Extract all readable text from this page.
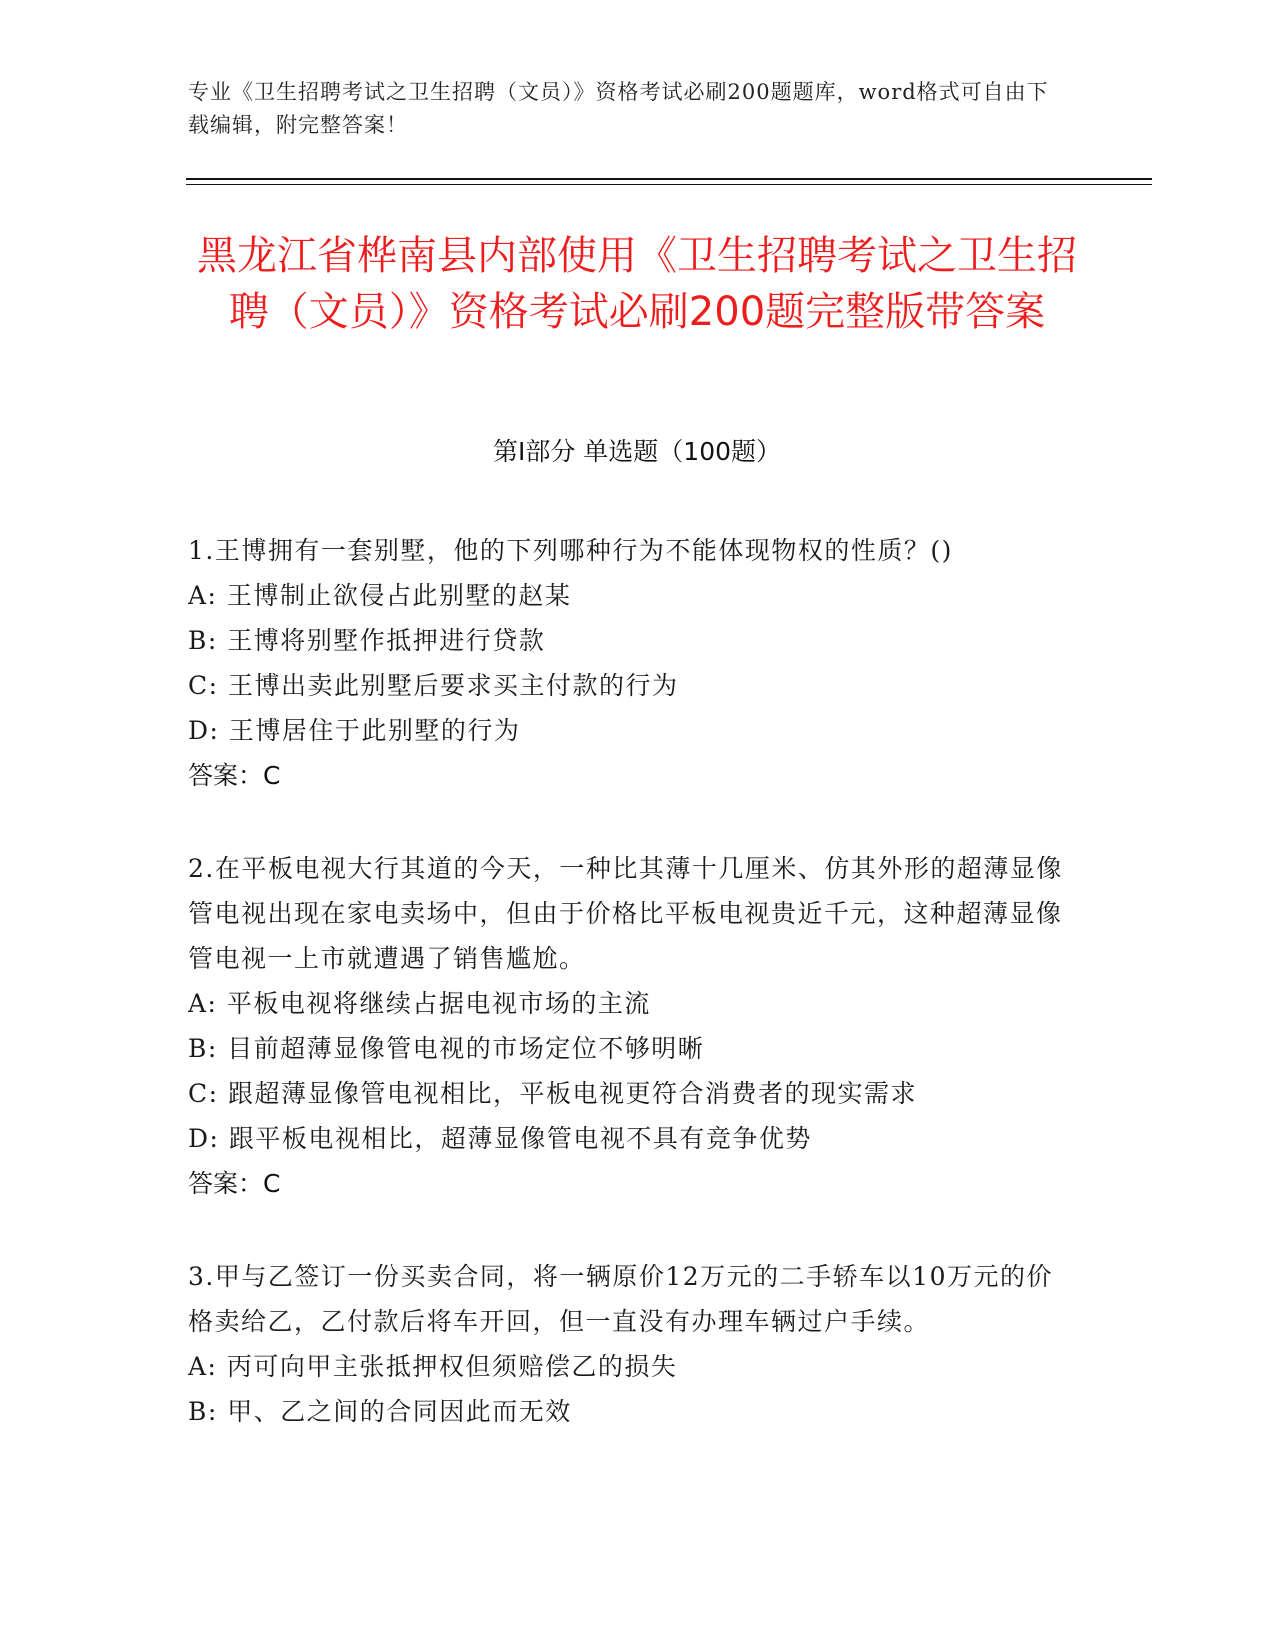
专业《卫生招聘考试之卫生招聘（文员）》资格考试必刷200题题库，word格式可自由下载编辑，附完整答案！
黑龙江省桦南县内部使用《卫生招聘考试之卫生招聘（文员）》资格考试必刷200题完整版带答案
第Ⅰ部分 单选题（100题）

1.王博拥有一套别墅，他的下列哪种行为不能体现物权的性质？()

A: 王博制止欲侵占此别墅的赵某

B: 王博将别墅作抵押进行贷款

C: 王博出卖此别墅后要求买主付款的行为

D: 王博居住于此别墅的行为

答案：C

2.在平板电视大行其道的今天，一种比其薄十几厘米、仿其外形的超薄显像管电视出现在家电卖场中，但由于价格比平板电视贵近千元，这种超薄显像管电视一上市就遭遇了销售尴尬。

A: 平板电视将继续占据电视市场的主流

B: 目前超薄显像管电视的市场定位不够明晰

C: 跟超薄显像管电视相比，平板电视更符合消费者的现实需求

D: 跟平板电视相比，超薄显像管电视不具有竞争优势

答案：C

3.甲与乙签订一份买卖合同，将一辆原价12万元的二手轿车以10万元的价格卖给乙，乙付款后将车开回，但一直没有办理车辆过户手续。

A: 丙可向甲主张抵押权但须赔偿乙的损失

B: 甲、乙之间的合同因此而无效
